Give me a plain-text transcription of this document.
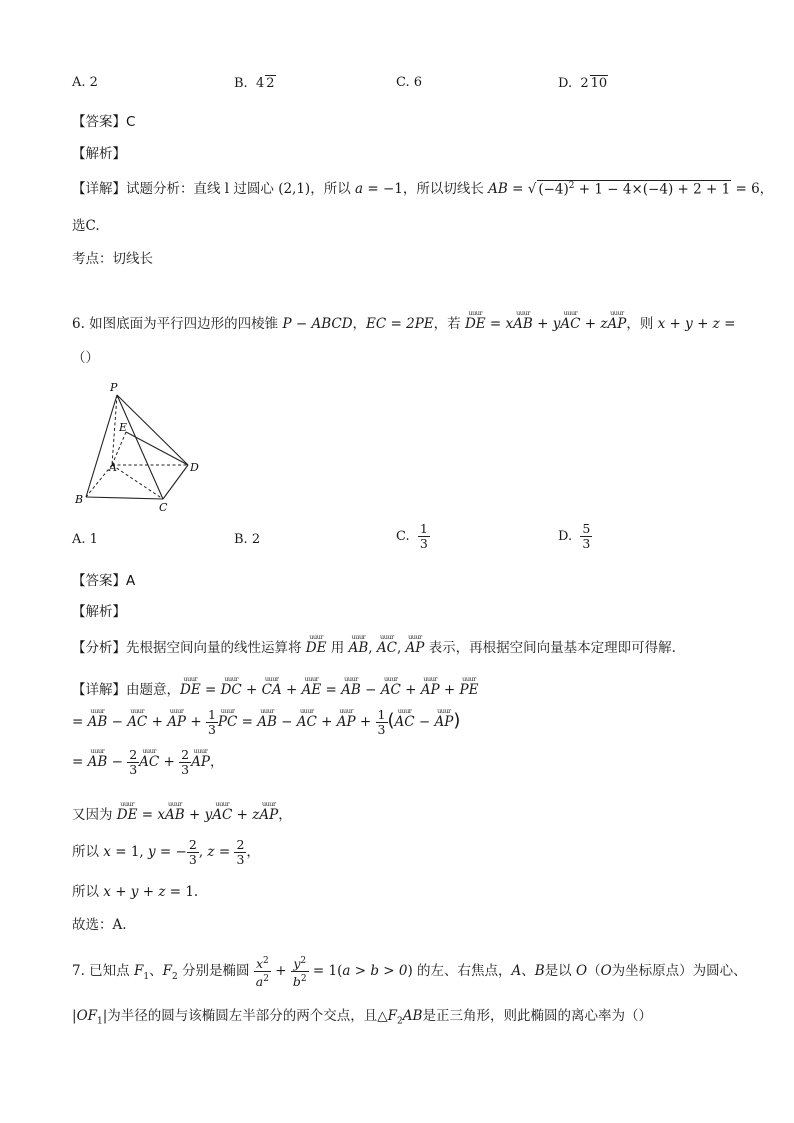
A. 2	B.  4 2	C. 6	D.  2 10
【答案】C
【解析】
【详解】试题分析：直线 l 过圆心 (2,1)，所以 a = −1，所以切线长 AB = √ $(-4)^2 + 1 - 4\times(-4) + 2 + 1 = 6$，
选C.
考点：切线长
6. 如图底面为平行四边形的四棱锥 P − ABCD，EC = 2PE，若
uuur
DE = x
uuur
AB + y
uuur
AC + z
uuur
AP，则 x + y + z =
（）
P
E
A	D
B
C
A. 1	B. 2	C. $\frac{1}{3}$	D. $\frac{5}{3}$
【答案】A
【解析】
【分析】先根据空间向量的线性运算将
uuur
DE 用
uuur
AB,
uuur
AC,
uuur
AP 表示，再根据空间向量基本定理即可得解.
【详解】由题意，
uuur
DE =
uuur
DC +
uuur
CA +
uuur
AE =
uuur
AB −
uuur
AC +
uuur
AP +
uuur
PE
=
uuur
AB −
uuur
AC +
uuur
AP + $\frac{1}{3}$ uuur
PC =
uuur
AB −
uuur
AC +
uuur
AP + $\frac{1}{3}$ ( uuur
AC −
uuur
AP)
=
uuur
AB − $\frac{2}{3}$ uuur
AC + $\frac{2}{3}$ uuur
AP，
又因为
uuur
DE = x
uuur
AB + y
uuur
AC + z
uuur
AP，
所以 x = 1, y = − $\frac{2}{3}$ , $z = \frac{2}{3}$ ，
所以 x + y + z = 1.
故选：A.
7. 已知点 $F_1$、$F_2$ 分别是椭圆 $\frac{x^2}{a^2} + \frac{y^2}{b^2} = 1(a > b > 0)$ 的左、右焦点，A、B是以 O（O为坐标原点）为圆心、
$|OF_1|$为半径的圆与该椭圆左半部分的两个交点，且$\triangle F_2AB$是正三角形，则此椭圆的离心率为（）
